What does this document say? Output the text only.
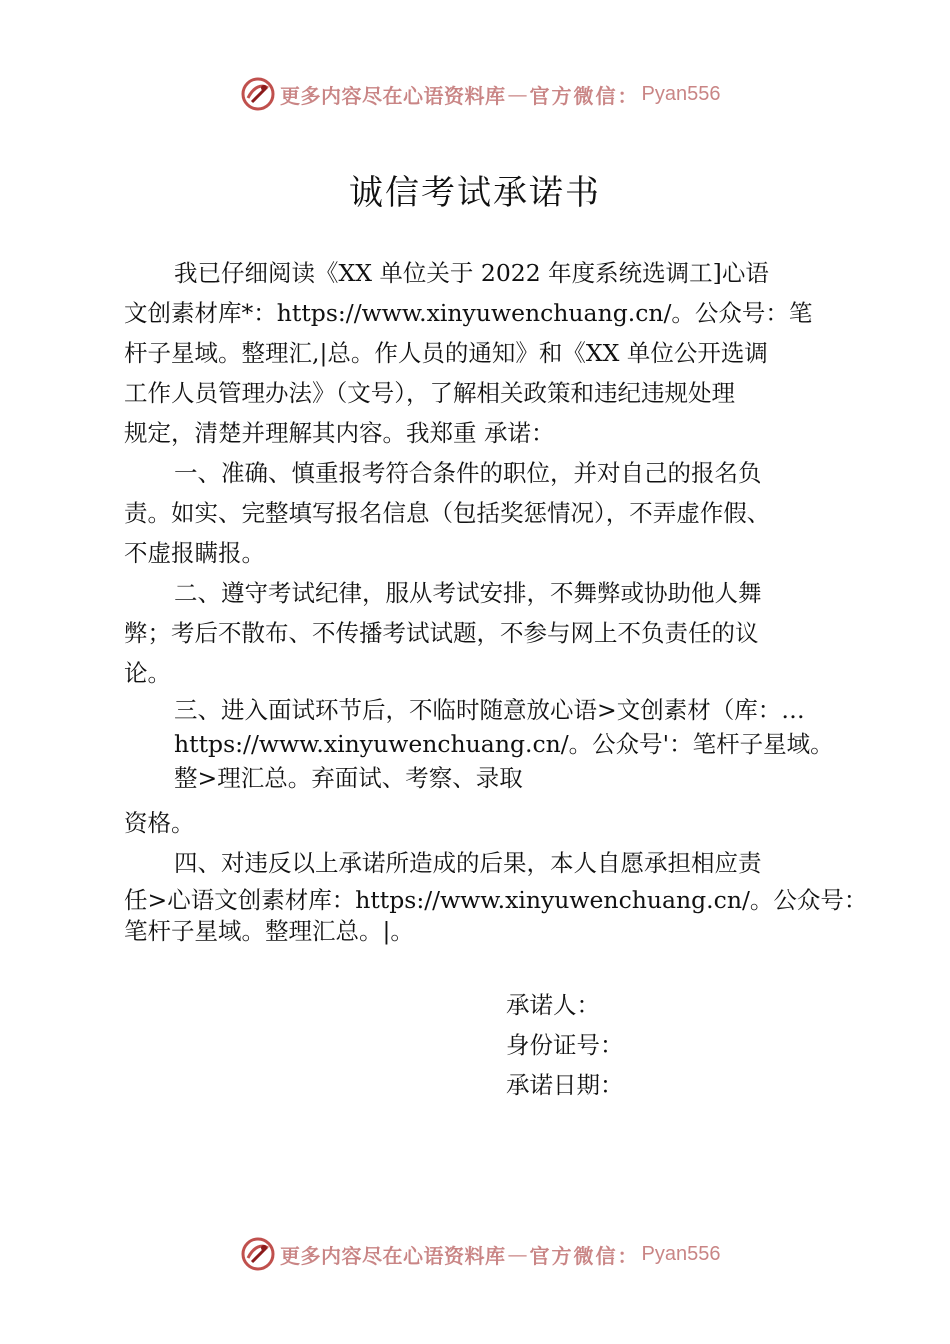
更多内容尽在心语资料库 — 官方微信： Pyan556
诚信考试承诺书
我已仔细阅读《XX 单位关于 2022 年度系统选调工]心语
文创素材库*：https://www.xinyuwenchuang.cn/。公众号：笔
杆子星域。整理汇,|总。作人员的通知》和《XX 单位公开选调
工作人员管理办法》（文号），了解相关政策和违纪违规处理
规定，清楚并理解其内容。我郑重 承诺：
一、准确、慎重报考符合条件的职位，并对自己的报名负
责。如实、完整填写报名信息（包括奖惩情况），不弄虚作假、
不虚报瞒报。
二、遵守考试纪律，服从考试安排，不舞弊或协助他人舞
弊；考后不散布、不传播考试试题，不参与网上不负责任的议
论。
三、进入面试环节后，不临时随意放心语>文创素材（库：…
https://www.xinyuwenchuang.cn/。公众号'：笔杆子星域。
整>理汇总。弃面试、考察、录取
资格。
四、对违反以上承诺所造成的后果，本人自愿承担相应责
任>心语文创素材库：https://www.xinyuwenchuang.cn/。公众号：
笔杆子星域。整理汇总。|。
承诺人：
身份证号：
承诺日期：
更多内容尽在心语资料库 — 官方微信： Pyan556
